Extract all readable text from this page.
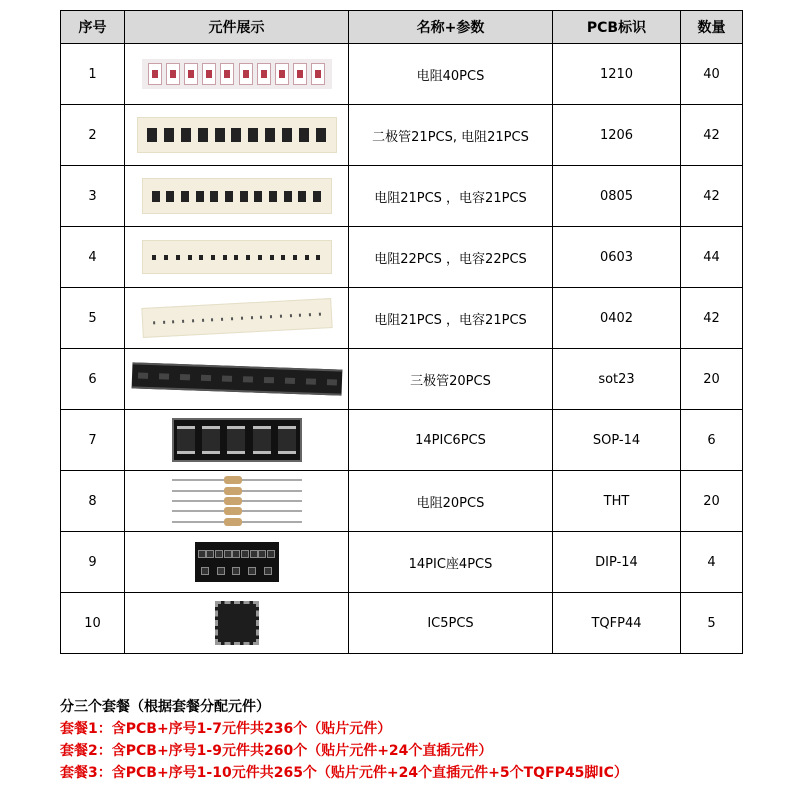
序号	元件展示	名称+参数	PCB标识	数量
1		电阻40PCS	1210	40
2		二极管21PCS, 电阻21PCS	1206	42
3		电阻21PCS ，电容21PCS	0805	42
4		电阻22PCS ，电容22PCS	0603	44
5		电阻21PCS ，电容21PCS	0402	42
6		三极管20PCS	sot23	20
7		14PIC6PCS	SOP-14	6
8		电阻20PCS	THT	20
9		14PIC座4PCS	DIP-14	4
10		IC5PCS	TQFP44	5
分三个套餐（根据套餐分配元件）
套餐1：含PCB+序号1-7元件共236个（贴片元件）
套餐2：含PCB+序号1-9元件共260个（贴片元件+24个直插元件）
套餐3：含PCB+序号1-10元件共265个（贴片元件+24个直插元件+5个TQFP45脚IC）
